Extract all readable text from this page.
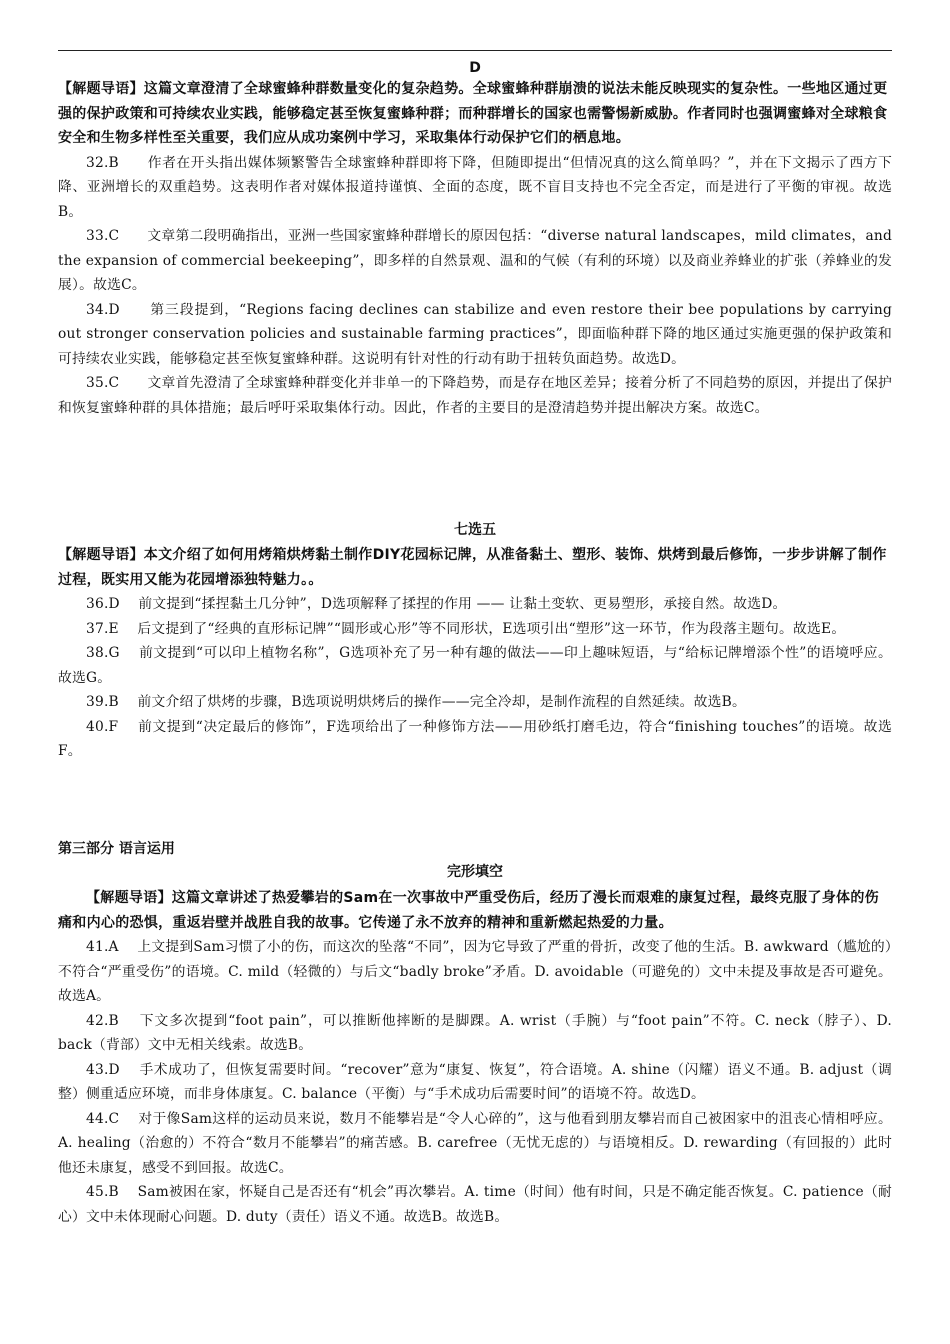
D

【解题导语】这篇文章澄清了全球蜜蜂种群数量变化的复杂趋势。全球蜜蜂种群崩溃的说法未能反映现实的复杂性。一些地区通过更强的保护政策和可持续农业实践，能够稳定甚至恢复蜜蜂种群；而种群增长的国家也需警惕新威胁。作者同时也强调蜜蜂对全球粮食安全和生物多样性至关重要，我们应从成功案例中学习，采取集体行动保护它们的栖息地。

32.B　　作者在开头指出媒体频繁警告全球蜜蜂种群即将下降，但随即提出“但情况真的这么简单吗？”，并在下文揭示了西方下降、亚洲增长的双重趋势。这表明作者对媒体报道持谨慎、全面的态度，既不盲目支持也不完全否定，而是进行了平衡的审视。故选B。

33.C　　文章第二段明确指出，亚洲一些国家蜜蜂种群增长的原因包括：“diverse natural landscapes，mild climates，and the expansion of commercial beekeeping”，即多样的自然景观、温和的气候（有利的环境）以及商业养蜂业的扩张（养蜂业的发展）。故选C。

34.D　　第三段提到，“Regions facing declines can stabilize and even restore their bee populations by carrying out stronger conservation policies and sustainable farming practices”，即面临种群下降的地区通过实施更强的保护政策和可持续农业实践，能够稳定甚至恢复蜜蜂种群。这说明有针对性的行动有助于扭转负面趋势。故选D。

35.C　　文章首先澄清了全球蜜蜂种群变化并非单一的下降趋势，而是存在地区差异；接着分析了不同趋势的原因，并提出了保护和恢复蜜蜂种群的具体措施；最后呼吁采取集体行动。因此，作者的主要目的是澄清趋势并提出解决方案。故选C。

七选五

【解题导语】本文介绍了如何用烤箱烘烤黏土制作DIY花园标记牌，从准备黏土、塑形、装饰、烘烤到最后修饰，一步步讲解了制作过程，既实用又能为花园增添独特魅力。。

36.D　 前文提到“揉捏黏土几分钟”，D选项解释了揉捏的作用 —— 让黏土变软、更易塑形，承接自然。故选D。

37.E　 后文提到了“经典的直形标记牌”“圆形或心形”等不同形状，E选项引出“塑形”这一环节，作为段落主题句。故选E。

38.G　 前文提到“可以印上植物名称”，G选项补充了另一种有趣的做法——印上趣味短语，与“给标记牌增添个性”的语境呼应。故选G。

39.B　 前文介绍了烘烤的步骤，B选项说明烘烤后的操作——完全冷却，是制作流程的自然延续。故选B。

40.F　 前文提到“决定最后的修饰”，F选项给出了一种修饰方法——用砂纸打磨毛边，符合“finishing touches”的语境。故选F。

第三部分 语言运用

完形填空

【解题导语】这篇文章讲述了热爱攀岩的Sam在一次事故中严重受伤后，经历了漫长而艰难的康复过程，最终克服了身体的伤痛和内心的恐惧，重返岩壁并战胜自我的故事。它传递了永不放弃的精神和重新燃起热爱的力量。

41.A　 上文提到Sam习惯了小的伤，而这次的坠落“不同”，因为它导致了严重的骨折，改变了他的生活。B. awkward（尴尬的）不符合“严重受伤”的语境。C. mild（轻微的）与后文“badly broke”矛盾。D. avoidable（可避免的）文中未提及事故是否可避免。故选A。

42.B　 下文多次提到“foot pain”，可以推断他摔断的是脚踝。A. wrist（手腕）与“foot pain”不符。C. neck（脖子）、D. back（背部）文中无相关线索。故选B。

43.D　 手术成功了，但恢复需要时间。“recover”意为“康复、恢复”，符合语境。A. shine（闪耀）语义不通。B. adjust（调整）侧重适应环境，而非身体康复。C. balance（平衡）与“手术成功后需要时间”的语境不符。故选D。

44.C　 对于像Sam这样的运动员来说，数月不能攀岩是“令人心碎的”，这与他看到朋友攀岩而自己被困家中的沮丧心情相呼应。A. healing（治愈的）不符合“数月不能攀岩”的痛苦感。B. carefree（无忧无虑的）与语境相反。D. rewarding（有回报的）此时他还未康复，感受不到回报。故选C。

45.B　 Sam被困在家，怀疑自己是否还有“机会”再次攀岩。A. time（时间）他有时间，只是不确定能否恢复。C. patience（耐心）文中未体现耐心问题。D. duty（责任）语义不通。故选B。故选B。
